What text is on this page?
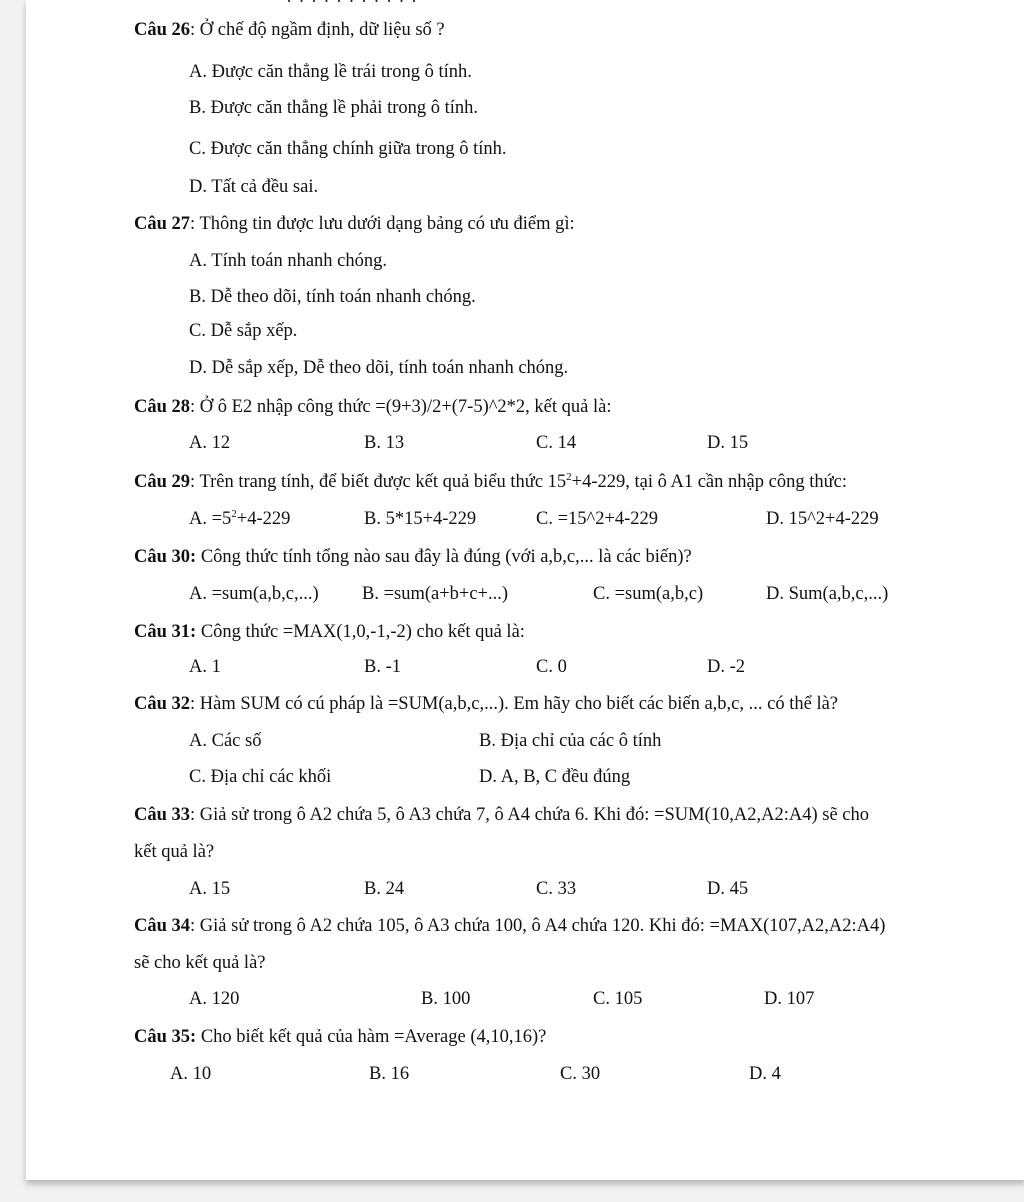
· · · · · · · · · · ·
Câu 26: Ở chế độ ngầm định, dữ liệu số ?
A. Được căn thẳng lề trái trong ô tính.
B. Được căn thẳng lề phải trong ô tính.
C. Được căn thẳng chính giữa trong ô tính.
D. Tất cả đều sai.
Câu 27: Thông tin được lưu dưới dạng bảng có ưu điểm gì:
A. Tính toán nhanh chóng.
B. Dễ theo dõi, tính toán nhanh chóng.
C. Dễ sắp xếp.
D. Dễ sắp xếp, Dễ theo dõi, tính toán nhanh chóng.
Câu 28: Ở ô E2 nhập công thức =(9+3)/2+(7-5)^2*2, kết quả là:
A. 12	B. 13	C. 14	D. 15
Câu 29: Trên trang tính, để biết được kết quả biểu thức $15^2+4-229$, tại ô A1 cần nhập công thức:
A. $=5^2+4-229$	B. 5*15+4-229	C. =15^2+4-229	D. 15^2+4-229
Câu 30: Công thức tính tổng nào sau đây là đúng (với a,b,c,... là các biến)?
A. =sum(a,b,c,...) B. =sum(a+b+c+...)	C. =sum(a,b,c)	D. Sum(a,b,c,...)
Câu 31: Công thức =MAX(1,0,-1,-2) cho kết quả là:
A. 1	B. -1	C. 0	D. -2
Câu 32: Hàm SUM có cú pháp là =SUM(a,b,c,...). Em hãy cho biết các biến a,b,c, ... có thể là?
A. Các số	B. Địa chỉ của các ô tính
C. Địa chỉ các khối	D. A, B, C đều đúng
Câu 33: Giả sử trong ô A2 chứa 5, ô A3 chứa 7, ô A4 chứa 6. Khi đó: =SUM(10,A2,A2:A4) sẽ cho
kết quả là?
A. 15	B. 24	C. 33	D. 45
Câu 34: Giả sử trong ô A2 chứa 105, ô A3 chứa 100, ô A4 chứa 120. Khi đó: =MAX(107,A2,A2:A4)
sẽ cho kết quả là?
A. 120	B. 100	C. 105	D. 107
Câu 35: Cho biết kết quả của hàm =Average (4,10,16)?
A. 10	B. 16	C. 30	D. 4
